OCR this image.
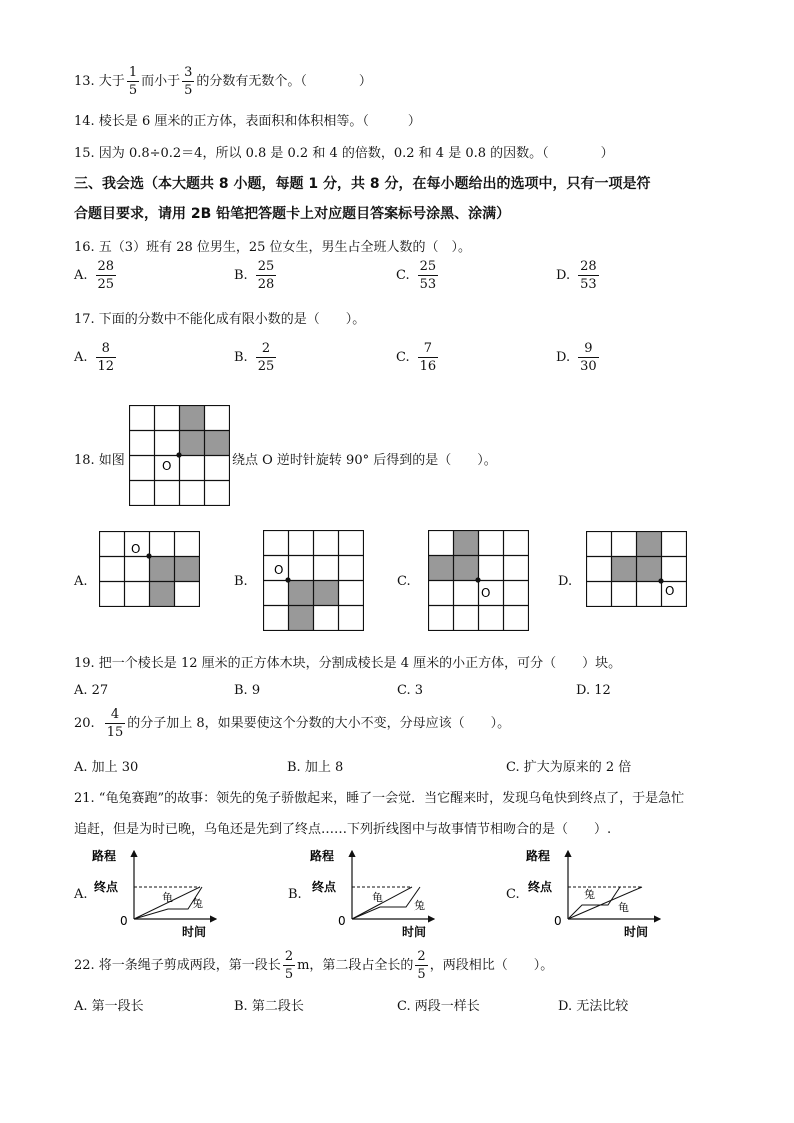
13. 大于 $\frac{1}{5}$ 而小于 $\frac{3}{5}$ 的分数有无数个。（　　　　）
14. 棱长是 6 厘米的正方体，表面积和体积相等。（　　　）
15. 因为 0.8÷0.2＝4，所以 0.8 是 0.2 和 4 的倍数，0.2 和 4 是 0.8 的因数。（　　　　）
三、我会选（本大题共 8 小题，每题 1 分，共 8 分，在每小题给出的选项中，只有一项是符
合题目要求，请用 2B 铅笔把答题卡上对应题目答案标号涂黑、涂满）
16. 五（3）班有 28 位男生，25 位女生，男生占全班人数的（　）。
A. $\frac{28}{25}$	B. $\frac{25}{28}$	C. $\frac{25}{53}$	D. $\frac{28}{53}$
17. 下面的分数中不能化成有限小数的是（　　）。
A. $\frac{8}{12}$	B. $\frac{2}{25}$	C. $\frac{7}{16}$	D. $\frac{9}{30}$
18. 如图	O	绕点 O 逆时针旋转 90° 后得到的是（　　）。
A.
O
B.
O
C.
O
D.
O
19. 把一个棱长是 12 厘米的正方体木块，分割成棱长是 4 厘米的小正方体，可分（　　）块。
A. 27	B. 9	C. 3	D. 12
20. $\frac{4}{15}$ 的分子加上 8，如果要使这个分数的大小不变，分母应该（　　）。
A. 加上 30	B. 加上 8	C. 扩大为原来的 2 倍
21. “龟兔赛跑”的故事：领先的兔子骄傲起来，睡了一会觉．当它醒来时，发现乌龟快到终点了，于是急忙
追赶，但是为时已晚，乌龟还是先到了终点……下列折线图中与故事情节相吻合的是（　　）.
A.
路程
终点
龟 兔
0
时间
B.
路程
终点
龟
兔
0
时间
C.
路程
终点
兔
龟
0
时间
22. 将一条绳子剪成两段，第一段长 $\frac{2}{5}$ m，第二段占全长的 $\frac{2}{5}$ ，两段相比（　　）。
A. 第一段长	B. 第二段长	C. 两段一样长	D. 无法比较
